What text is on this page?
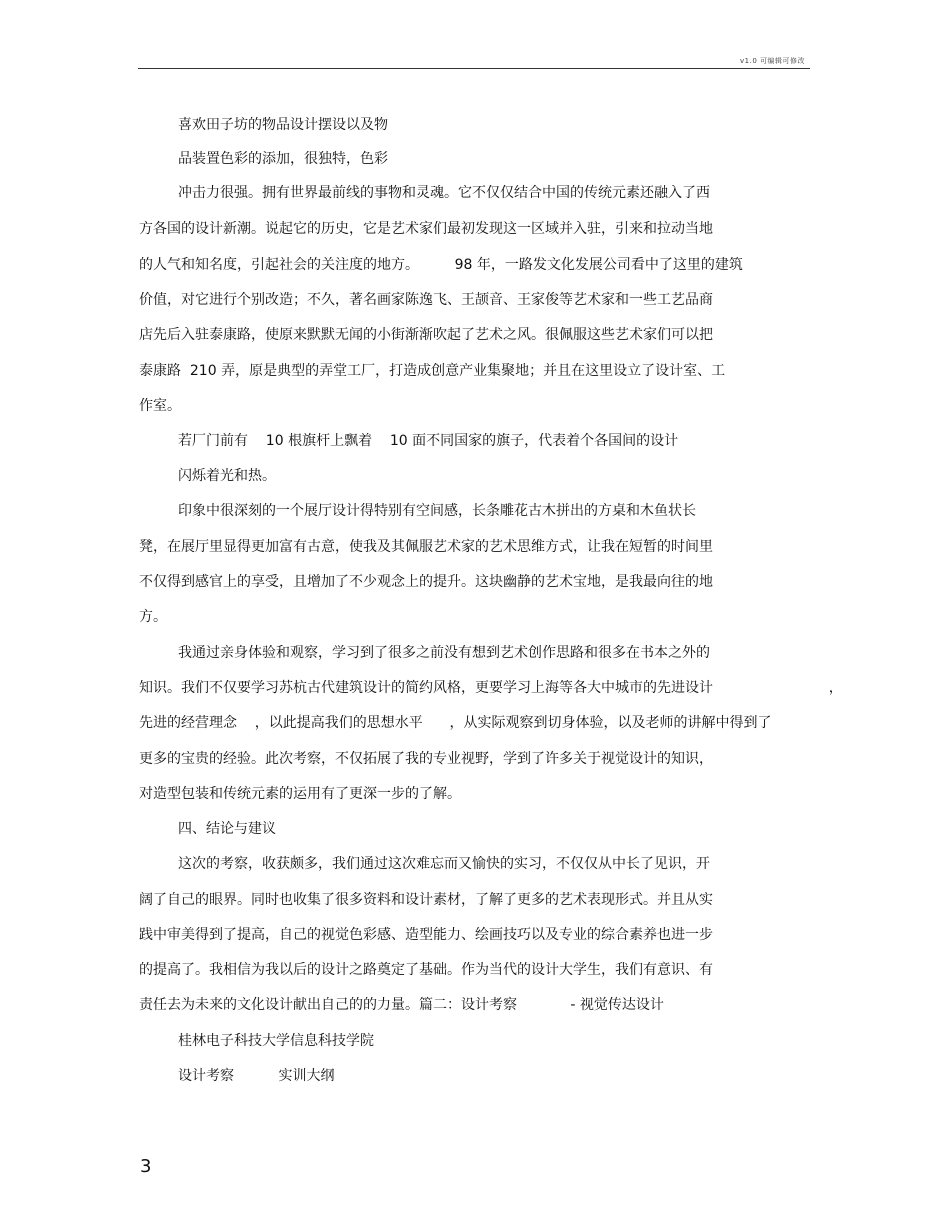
v1.0 可编辑可修改
喜欢田子坊的物品设计摆设以及物
品装置色彩的添加，很独特，色彩
冲击力很强。拥有世界最前线的事物和灵魂。它不仅仅结合中国的传统元素还融入了西
方各国的设计新潮。说起它的历史，它是艺术家们最初发现这一区域并入驻，引来和拉动当地
的人气和知名度，引起社会的关注度的地方。        98 年，一路发文化发展公司看中了这里的建筑
价值，对它进行个别改造；不久，著名画家陈逸飞、王颉音、王家俊等艺术家和一些工艺品商
店先后入驻泰康路，使原来默默无闻的小街渐渐吹起了艺术之风。很佩服这些艺术家们可以把
泰康路  210 弄，原是典型的弄堂工厂，打造成创意产业集聚地；并且在这里设立了设计室、工
作室。
若厂门前有    10 根旗杆上飘着    10 面不同国家的旗子，代表着个各国间的设计
闪烁着光和热。
印象中很深刻的一个展厅设计得特别有空间感，长条雕花古木拼出的方桌和木鱼状长
凳，在展厅里显得更加富有古意，使我及其佩服艺术家的艺术思维方式，让我在短暂的时间里
不仅得到感官上的享受，且增加了不少观念上的提升。这块幽静的艺术宝地，是我最向往的地
方。
我通过亲身体验和观察，学习到了很多之前没有想到艺术创作思路和很多在书本之外的
知识。我们不仅要学习苏杭古代建筑设计的简约风格，更要学习上海等各大中城市的先进设计                          ，
先进的经营理念    ，以此提高我们的思想水平      ，从实际观察到切身体验，以及老师的讲解中得到了
更多的宝贵的经验。此次考察，不仅拓展了我的专业视野，学到了许多关于视觉设计的知识，
对造型包装和传统元素的运用有了更深一步的了解。
四、结论与建议
这次的考察，收获颇多，我们通过这次难忘而又愉快的实习，不仅仅从中长了见识，开
阔了自己的眼界。同时也收集了很多资料和设计素材，了解了更多的艺术表现形式。并且从实
践中审美得到了提高，自己的视觉色彩感、造型能力、绘画技巧以及专业的综合素养也进一步
的提高了。我相信为我以后的设计之路奠定了基础。作为当代的设计大学生，我们有意识、有
责任去为未来的文化设计献出自己的的力量。篇二：设计考察            - 视觉传达设计
桂林电子科技大学信息科技学院
设计考察          实训大纲
3
